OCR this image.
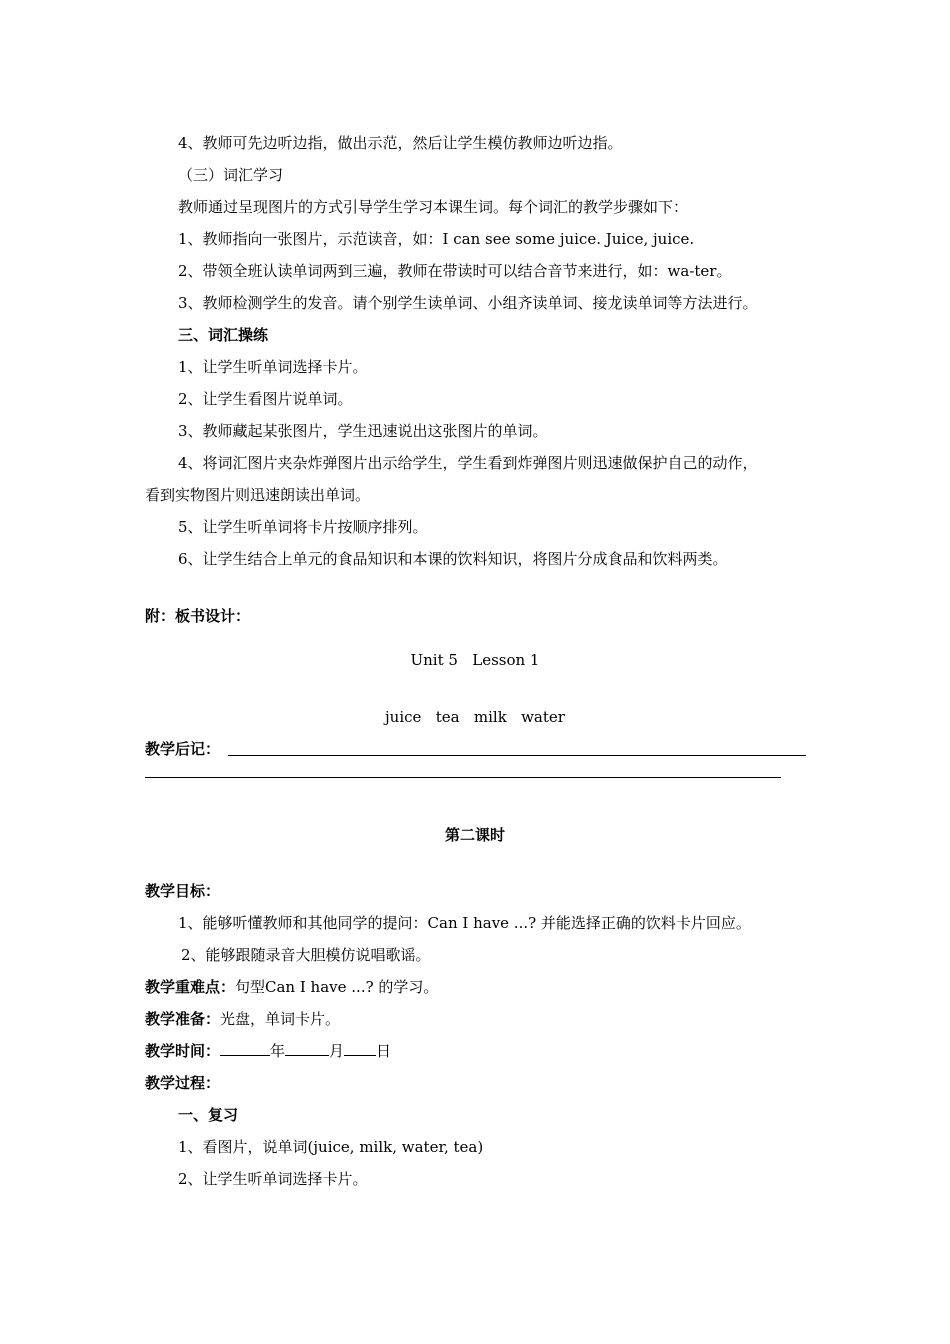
4、教师可先边听边指，做出示范，然后让学生模仿教师边听边指。
（三）词汇学习
教师通过呈现图片的方式引导学生学习本课生词。每个词汇的教学步骤如下：
1、教师指向一张图片，示范读音，如：I can see some juice. Juice, juice.
2、带领全班认读单词两到三遍，教师在带读时可以结合音节来进行，如：wa-ter。
3、教师检测学生的发音。请个别学生读单词、小组齐读单词、接龙读单词等方法进行。
三、词汇操练
1、让学生听单词选择卡片。
2、让学生看图片说单词。
3、教师藏起某张图片，学生迅速说出这张图片的单词。
4、将词汇图片夹杂炸弹图片出示给学生，学生看到炸弹图片则迅速做保护自己的动作，
看到实物图片则迅速朗读出单词。
5、让学生听单词将卡片按顺序排列。
6、让学生结合上单元的食品知识和本课的饮料知识，将图片分成食品和饮料两类。
附：板书设计：
Unit 5   Lesson 1
juice   tea   milk   water
教学后记：
第二课时
教学目标：
1、能够听懂教师和其他同学的提问：Can I have ...? 并能选择正确的饮料卡片回应。
2、能够跟随录音大胆模仿说唱歌谣。
教学重难点：句型Can I have ...? 的学习。
教学准备：光盘，单词卡片。
教学时间：	年	月 日
教学过程：
一、复习
1、看图片，说单词(juice, milk, water, tea)
2、让学生听单词选择卡片。
